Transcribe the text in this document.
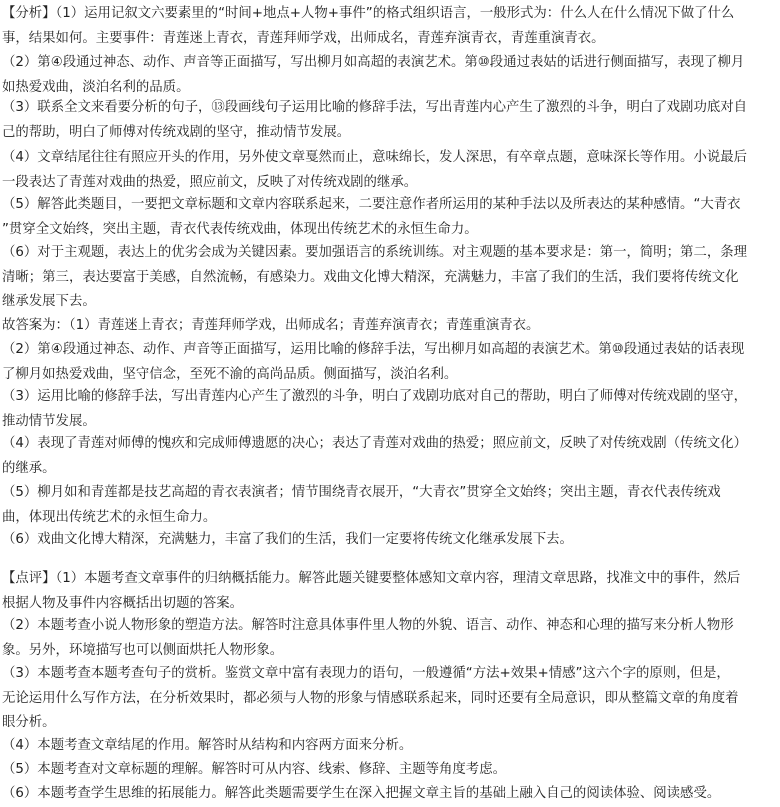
【分析】（1）运用记叙文六要素里的“时间+地点+人物+事件”的格式组织语言，一般形式为：什么人在什么情况下做了什么
事，结果如何。主要事件：青莲迷上青衣，青莲拜师学戏，出师成名，青莲弃演青衣，青莲重演青衣。
（2）第④段通过神态、动作、声音等正面描写，写出柳月如高超的表演艺术。第⑩段通过表姑的话进行侧面描写，表现了柳月
如热爱戏曲，淡泊名利的品质。
（3）联系全文来看要分析的句子，⑬段画线句子运用比喻的修辞手法，写出青莲内心产生了激烈的斗争，明白了戏剧功底对自
己的帮助，明白了师傅对传统戏剧的坚守，推动情节发展。
（4）文章结尾往往有照应开头的作用，另外使文章戛然而止，意味绵长，发人深思，有卒章点题，意味深长等作用。小说最后
一段表达了青莲对戏曲的热爱，照应前文，反映了对传统戏剧的继承。
（5）解答此类题目，一要把文章标题和文章内容联系起来，二要注意作者所运用的某种手法以及所表达的某种感情。“大青衣
”贯穿全文始终，突出主题，青衣代表传统戏曲，体现出传统艺术的永恒生命力。
（6）对于主观题，表达上的优劣会成为关键因素。要加强语言的系统训练。对主观题的基本要求是：第一，简明；第二，条理
清晰；第三，表达要富于美感，自然流畅，有感染力。戏曲文化博大精深，充满魅力，丰富了我们的生活，我们要将传统文化
继承发展下去。
故答案为：（1）青莲迷上青衣；青莲拜师学戏，出师成名；青莲弃演青衣；青莲重演青衣。
（2）第④段通过神态、动作、声音等正面描写，运用比喻的修辞手法，写出柳月如高超的表演艺术。第⑩段通过表姑的话表现
了柳月如热爱戏曲，坚守信念，至死不渝的高尚品质。侧面描写，淡泊名利。
（3）运用比喻的修辞手法，写出青莲内心产生了激烈的斗争，明白了戏剧功底对自己的帮助，明白了师傅对传统戏剧的坚守，
推动情节发展。
（4）表现了青莲对师傅的愧疚和完成师傅遗愿的决心；表达了青莲对戏曲的热爱；照应前文，反映了对传统戏剧（传统文化）
的继承。
（5）柳月如和青莲都是技艺高超的青衣表演者；情节围绕青衣展开，“大青衣”贯穿全文始终；突出主题，青衣代表传统戏
曲，体现出传统艺术的永恒生命力。
（6）戏曲文化博大精深，充满魅力，丰富了我们的生活，我们一定要将传统文化继承发展下去。
【点评】（1）本题考查文章事件的归纳概括能力。解答此题关键要整体感知文章内容，理清文章思路，找准文中的事件，然后
根据人物及事件内容概括出切题的答案。
（2）本题考查小说人物形象的塑造方法。解答时注意具体事件里人物的外貌、语言、动作、神态和心理的描写来分析人物形
象。另外，环境描写也可以侧面烘托人物形象。
（3）本题考查本题考查句子的赏析。鉴赏文章中富有表现力的语句，一般遵循“方法+效果+情感”这六个字的原则，但是，
无论运用什么写作方法，在分析效果时，都必须与人物的形象与情感联系起来，同时还要有全局意识，即从整篇文章的角度着
眼分析。
（4）本题考查文章结尾的作用。解答时从结构和内容两方面来分析。
（5）本题考查对文章标题的理解。解答时可从内容、线索、修辞、主题等角度考虑。
（6）本题考查学生思维的拓展能力。解答此类题需要学生在深入把握文章主旨的基础上融入自己的阅读体验、阅读感受。
